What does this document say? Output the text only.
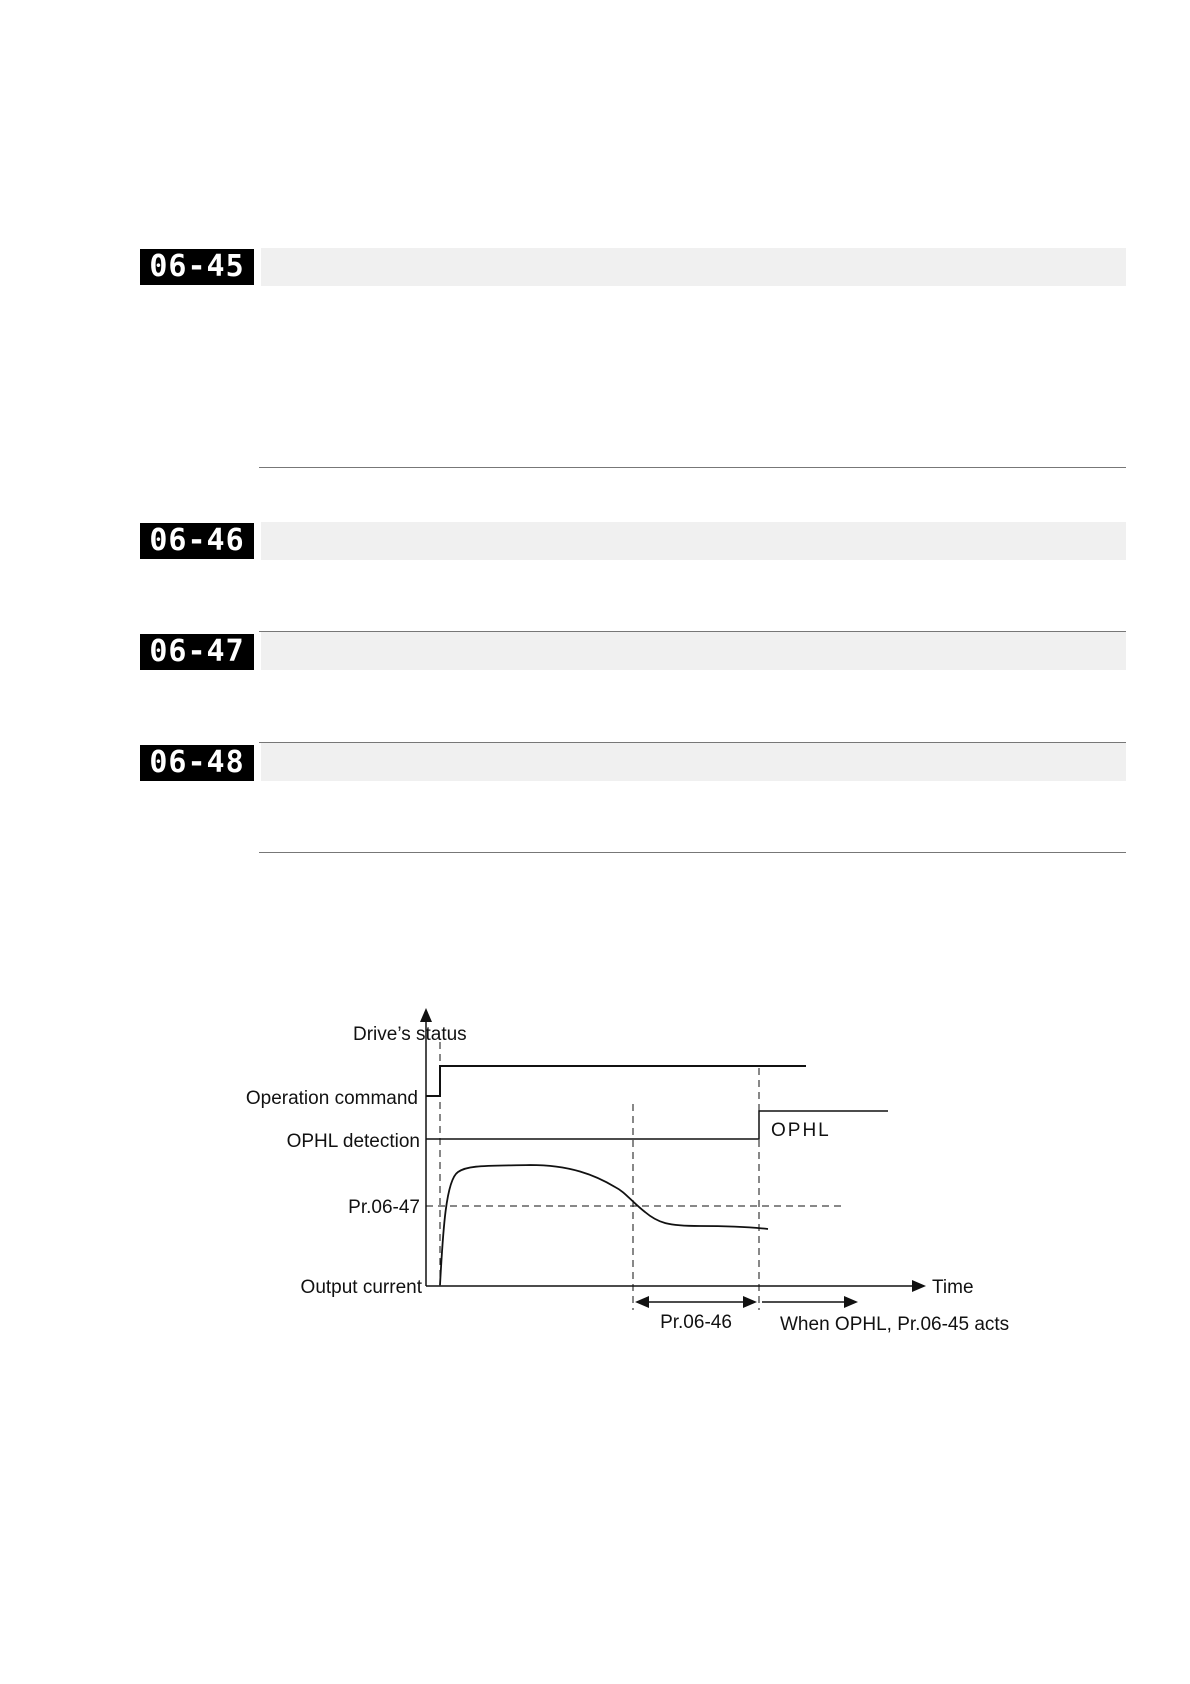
06-45
06-46
06-47
06-48
Drive’s status
Operation command
OPHL detection
Pr.06-47
Output current	Time
OPHL
Pr.06-46	When OPHL, Pr.06-45 acts
